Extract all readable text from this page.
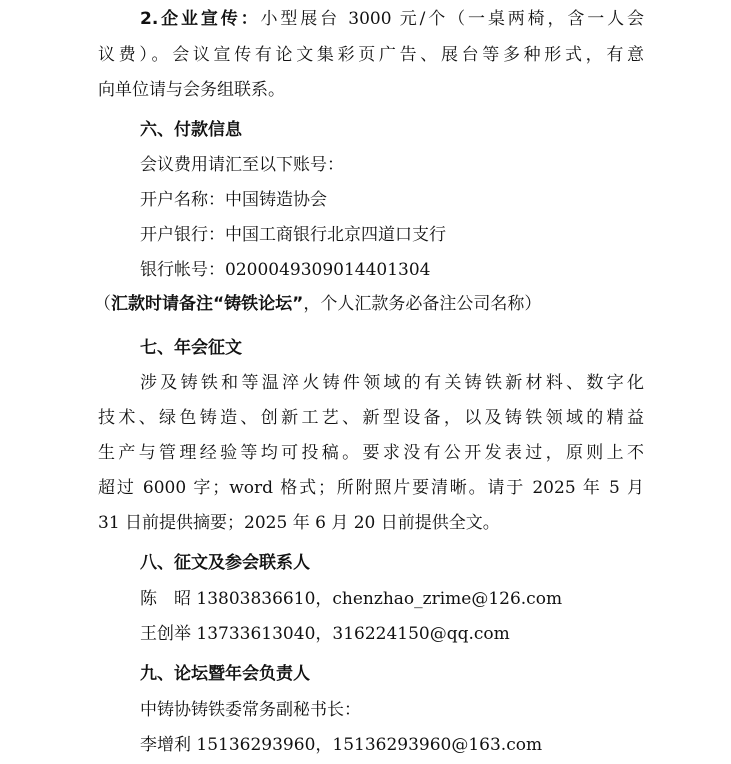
2.企业宣传：小型展台 3000 元/个（一桌两椅，含一人会
议费）。会议宣传有论文集彩页广告、展台等多种形式，有意
向单位请与会务组联系。
六、付款信息
会议费用请汇至以下账号：
开户名称：中国铸造协会
开户银行：中国工商银行北京四道口支行
银行帐号：0200049309014401304
（汇款时请备注“铸铁论坛”，个人汇款务必备注公司名称）
七、年会征文
涉及铸铁和等温淬火铸件领域的有关铸铁新材料、数字化
技术、绿色铸造、创新工艺、新型设备，以及铸铁领域的精益
生产与管理经验等均可投稿。要求没有公开发表过，原则上不
超过 6000 字；word 格式；所附照片要清晰。请于 2025 年 5 月
31 日前提供摘要；2025 年 6 月 20 日前提供全文。
八、征文及参会联系人
陈　昭 13803836610，chenzhao_zrime@126.com
王创举 13733613040，316224150@qq.com
九、论坛暨年会负责人
中铸协铸铁委常务副秘书长：
李增利 15136293960，15136293960@163.com
